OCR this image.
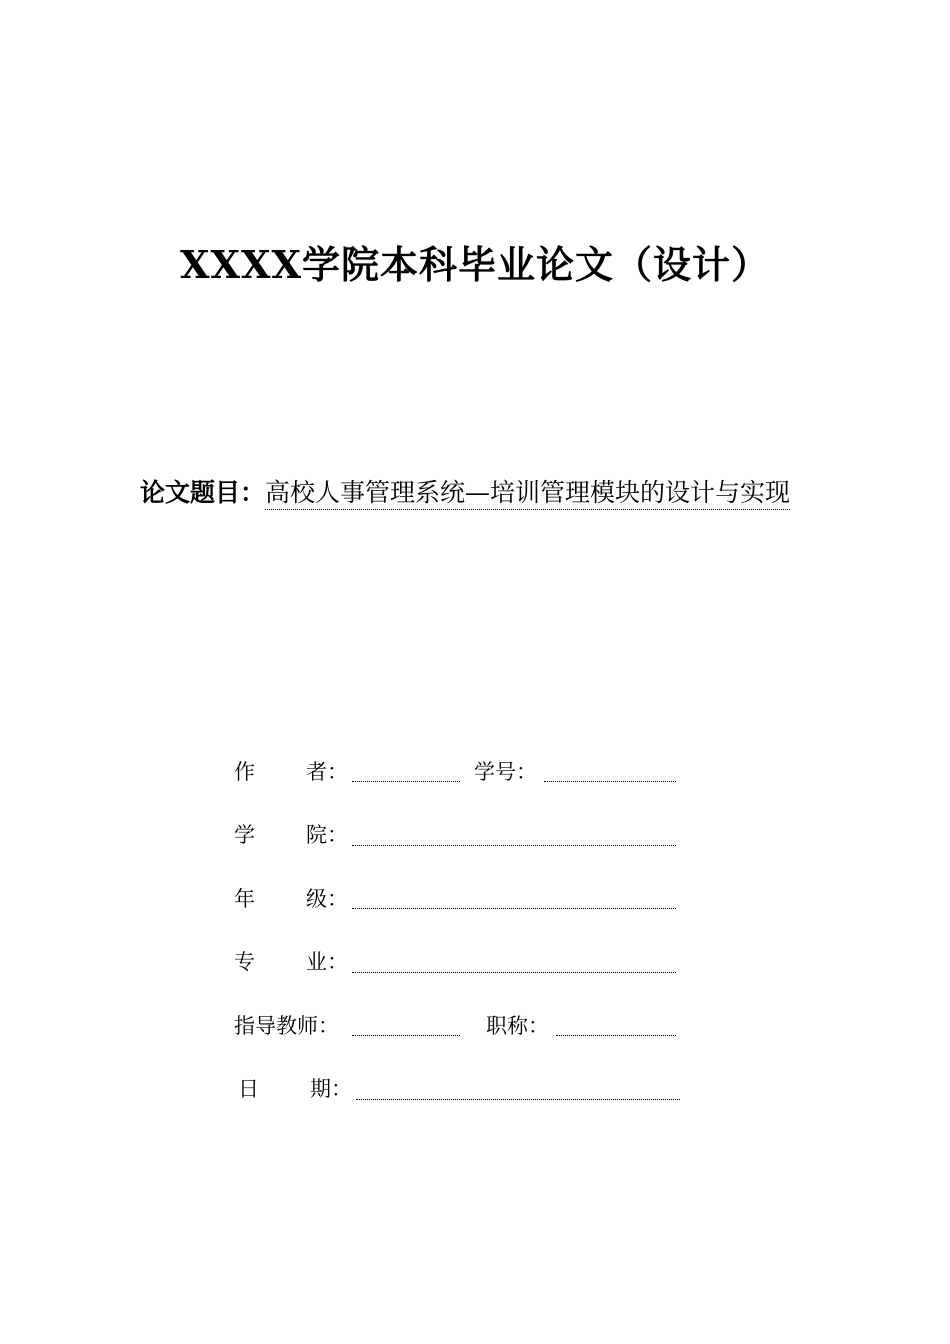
XXXX学院本科毕业论文（设计）
论文题目：高校人事管理系统—培训管理模块的设计与实现
作 者：	学号：
学 院：
年 级：
专 业：
指导教师：	职称：
日 期：
